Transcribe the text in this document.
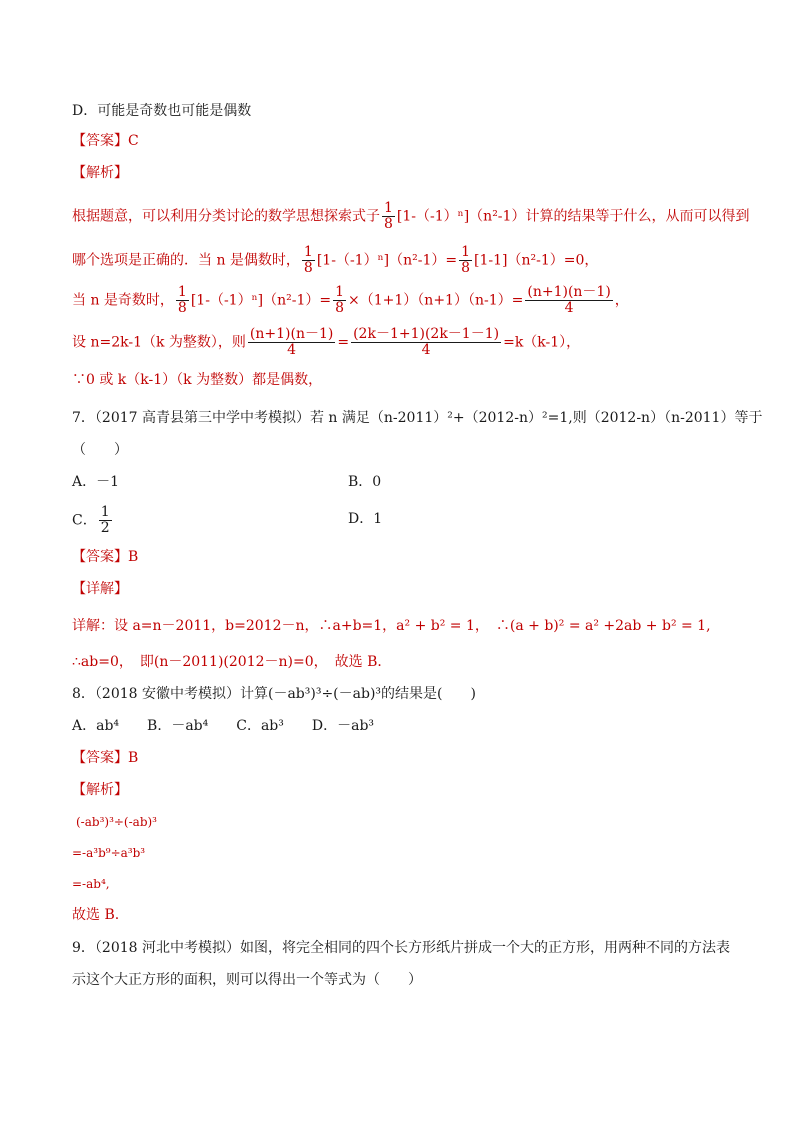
D．可能是奇数也可能是偶数
【答案】C
【解析】
根据题意，可以利用分类讨论的数学思想探索式子 $\frac{1}{8} [1-(-1)^n](n^2-1)$计算的结果等于什么，从而可以得到
哪个选项是正确的．当 n 是偶数时， $\frac{1}{8} [1-(-1)^n](n^2-1)= \frac{1}{8} [1-1](n^2-1)=0$，
当 n 是奇数时， $\frac{1}{8} [1-(-1)^n](n^2-1)= \frac{1}{8} \times(1+1)(n+1)(n-1)= \frac{(n+1)(n-1)}{4}$ ，
设 n=2k-1（k 为整数），则 $\frac{(n+1)(n-1)}{4} = \frac{(2k-1+1)(2k-1-1)}{4} =k(k-1)$，
∵0 或 k（k-1）（k 为整数）都是偶数，
7．（2017 高青县第三中学中考模拟）若 n 满足（n-2011）²+（2012-n）²=1,则（2012-n）（n-2011）等于
（　　）
A．－1	B．0
C． $\frac{1}{2}$	D．1
【答案】B
【详解】
详解：设 a=n－2011，b=2012－n，∴a+b=1，a² + b² = 1，　∴(a + b)² = a² +2ab + b² = 1,
∴ab=0，　即(n－2011)(2012－n)=0，　故选 B．
8．（2018 安徽中考模拟）计算(－ab³)³÷(－ab)³的结果是(　　)
A．ab⁴　　B．－ab⁴　　C．ab³　　D．－ab³
【答案】B
【解析】
(-ab³)³÷(-ab)³
=-a³b⁹÷a³b³
=-ab⁴,
故选 B.
9．（2018 河北中考模拟）如图，将完全相同的四个长方形纸片拼成一个大的正方形，用两种不同的方法表
示这个大正方形的面积，则可以得出一个等式为（　　）
